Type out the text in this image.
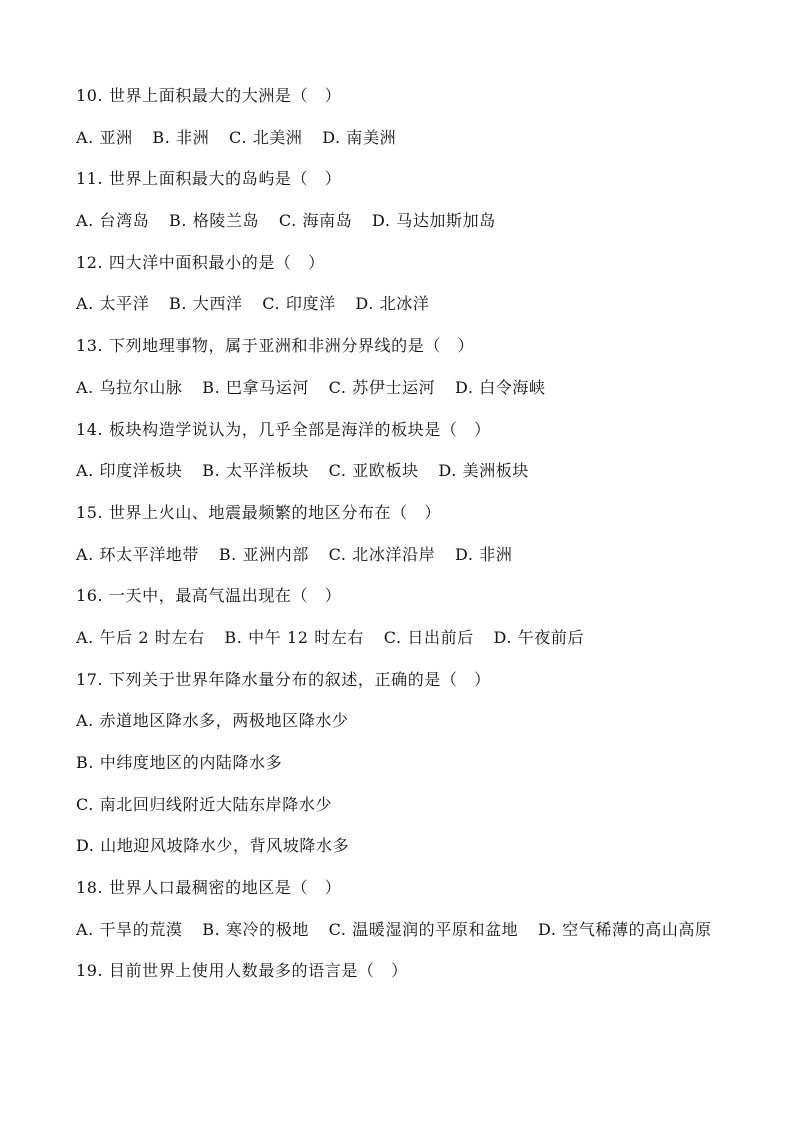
10. 世界上面积最大的大洲是（　）
A. 亚洲 B. 非洲 C. 北美洲 D. 南美洲
11. 世界上面积最大的岛屿是（　）
A. 台湾岛 B. 格陵兰岛 C. 海南岛 D. 马达加斯加岛
12. 四大洋中面积最小的是（　）
A. 太平洋 B. 大西洋 C. 印度洋 D. 北冰洋
13. 下列地理事物，属于亚洲和非洲分界线的是（　）
A. 乌拉尔山脉 B. 巴拿马运河 C. 苏伊士运河 D. 白令海峡
14. 板块构造学说认为，几乎全部是海洋的板块是（　）
A. 印度洋板块 B. 太平洋板块 C. 亚欧板块 D. 美洲板块
15. 世界上火山、地震最频繁的地区分布在（　）
A. 环太平洋地带 B. 亚洲内部 C. 北冰洋沿岸 D. 非洲
16. 一天中，最高气温出现在（　）
A. 午后 2 时左右 B. 中午 12 时左右 C. 日出前后 D. 午夜前后
17. 下列关于世界年降水量分布的叙述，正确的是（　）
A. 赤道地区降水多，两极地区降水少
B. 中纬度地区的内陆降水多
C. 南北回归线附近大陆东岸降水少
D. 山地迎风坡降水少，背风坡降水多
18. 世界人口最稠密的地区是（　）
A. 干旱的荒漠 B. 寒冷的极地 C. 温暖湿润的平原和盆地 D. 空气稀薄的高山高原
19. 目前世界上使用人数最多的语言是（　）
